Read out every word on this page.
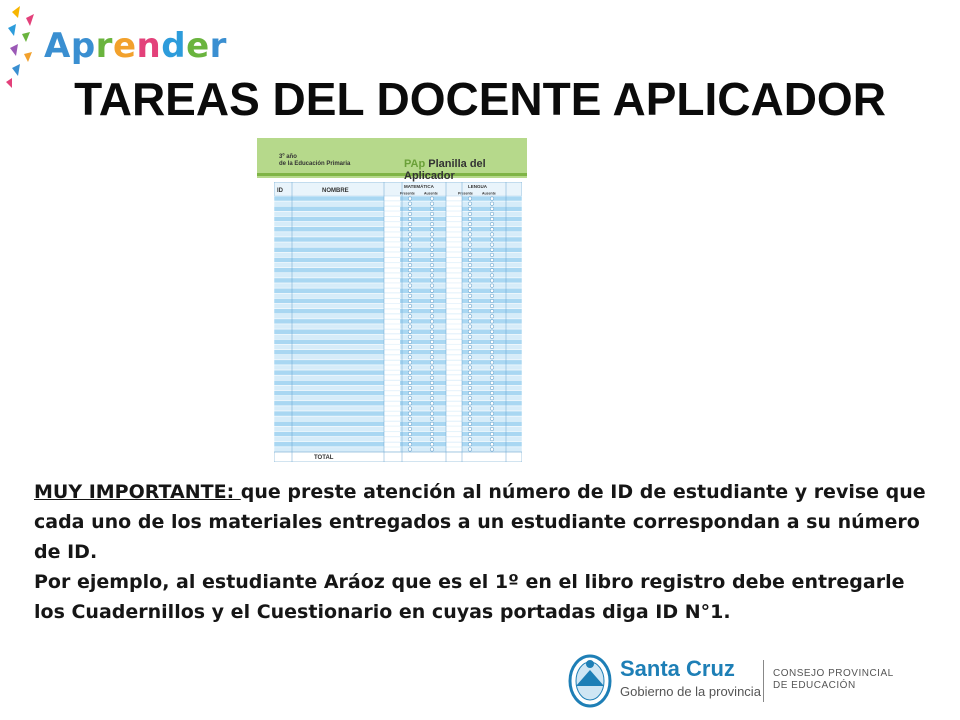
Aprender
TAREAS DEL DOCENTE APLICADOR
3º año
de la Educación Primaria	PAp Planilla del Aplicador
ID	NOMBRE
MATEMÁTICA	LENGUA
Presente	Ausente	Presente	Ausente
TOTAL

MUY IMPORTANTE: que preste atención al número de ID de estudiante y revise que cada uno de los materiales entregados a un estudiante correspondan a su número de ID.

Por ejemplo, al estudiante Aráoz que es el 1º en el libro registro debe entregarle los Cuadernillos y el Cuestionario en cuyas portadas diga ID N°1.

Santa Cruz
Gobierno de la provincia
CONSEJO PROVINCIAL
DE EDUCACIÓN
